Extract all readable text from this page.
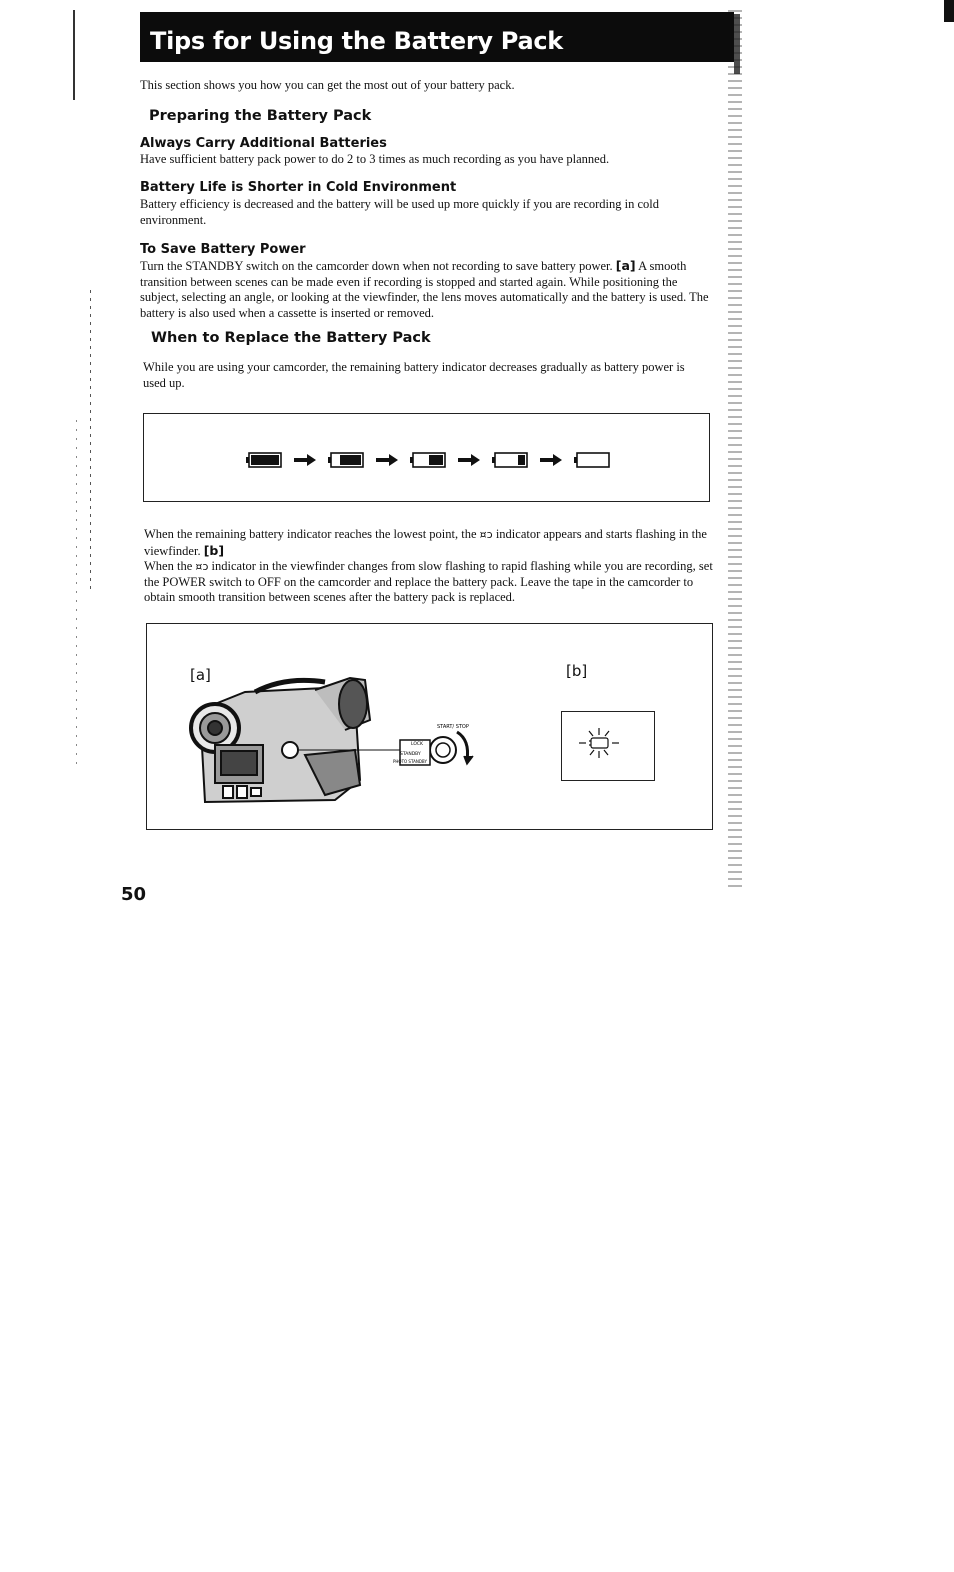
Tips for Using the Battery Pack

This section shows you how you can get the most out of your battery pack.

Preparing the Battery Pack
Always Carry Additional Batteries

Have sufficient battery pack power to do 2 to 3 times as much recording as you have planned.

Battery Life is Shorter in Cold Environment

Battery efficiency is decreased and the battery will be used up more quickly if you are recording in cold environment.

To Save Battery Power

Turn the STANDBY switch on the camcorder down when not recording to save battery power. [a] A smooth transition between scenes can be made even if recording is stopped and started again. While positioning the subject, selecting an angle, or looking at the viewfinder, the lens moves automatically and the battery is used. The battery is also used when a cassette is inserted or removed.

When to Replace the Battery Pack

While you are using your camcorder, the remaining battery indicator decreases gradually as battery power is used up.

When the remaining battery indicator reaches the lowest point, the ¤ɔ indicator appears and starts flashing in the viewfinder. [b]

When the ¤ɔ indicator in the viewfinder changes from slow flashing to rapid flashing while you are recording, set the POWER switch to OFF on the camcorder and replace the battery pack. Leave the tape in the camcorder to obtain smooth transition between scenes after the battery pack is replaced.

[a]	[b]
START/ STOP
LOCK
STANDBY
PHOTO STANDBY
50
